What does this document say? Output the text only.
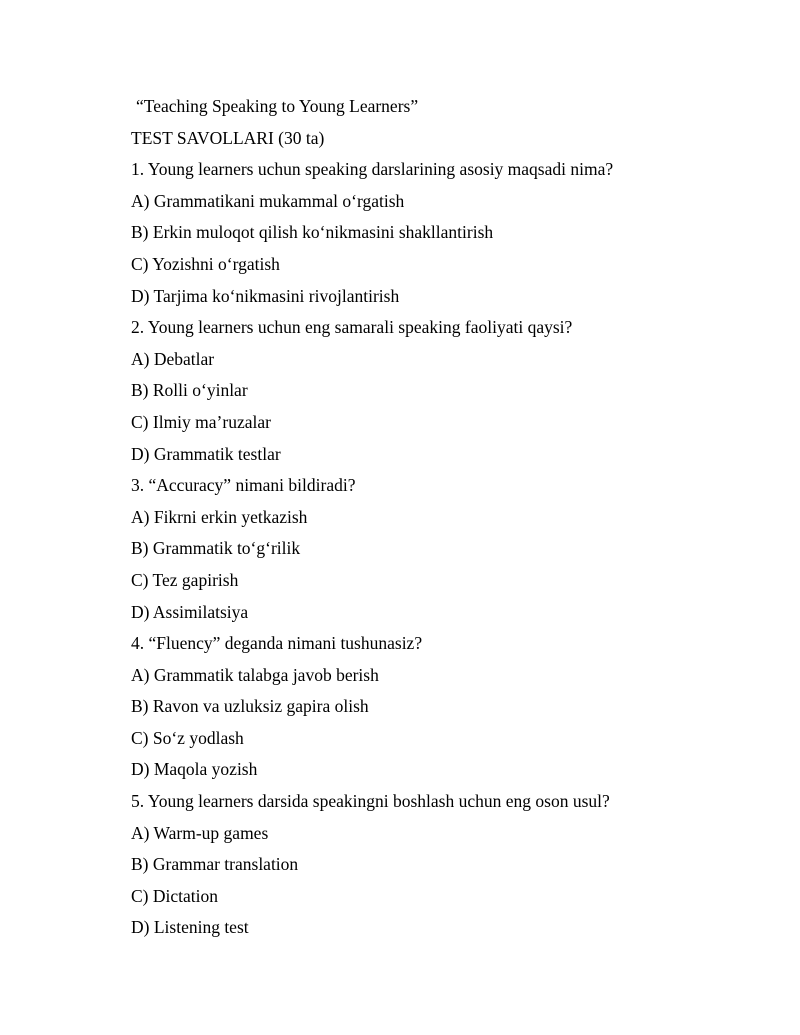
“Teaching Speaking to Young Learners”
TEST SAVOLLARI (30 ta)
1. Young learners uchun speaking darslarining asosiy maqsadi nima?
A) Grammatikani mukammal o‘rgatish
B) Erkin muloqot qilish ko‘nikmasini shakllantirish
C) Yozishni o‘rgatish
D) Tarjima ko‘nikmasini rivojlantirish
2. Young learners uchun eng samarali speaking faoliyati qaysi?
A) Debatlar
B) Rolli o‘yinlar
C) Ilmiy ma’ruzalar
D) Grammatik testlar
3. “Accuracy” nimani bildiradi?
A) Fikrni erkin yetkazish
B) Grammatik to‘g‘rilik
C) Tez gapirish
D) Assimilatsiya
4. “Fluency” deganda nimani tushunasiz?
A) Grammatik talabga javob berish
B) Ravon va uzluksiz gapira olish
C) So‘z yodlash
D) Maqola yozish
5. Young learners darsida speakingni boshlash uchun eng oson usul?
A) Warm-up games
B) Grammar translation
C) Dictation
D) Listening test
